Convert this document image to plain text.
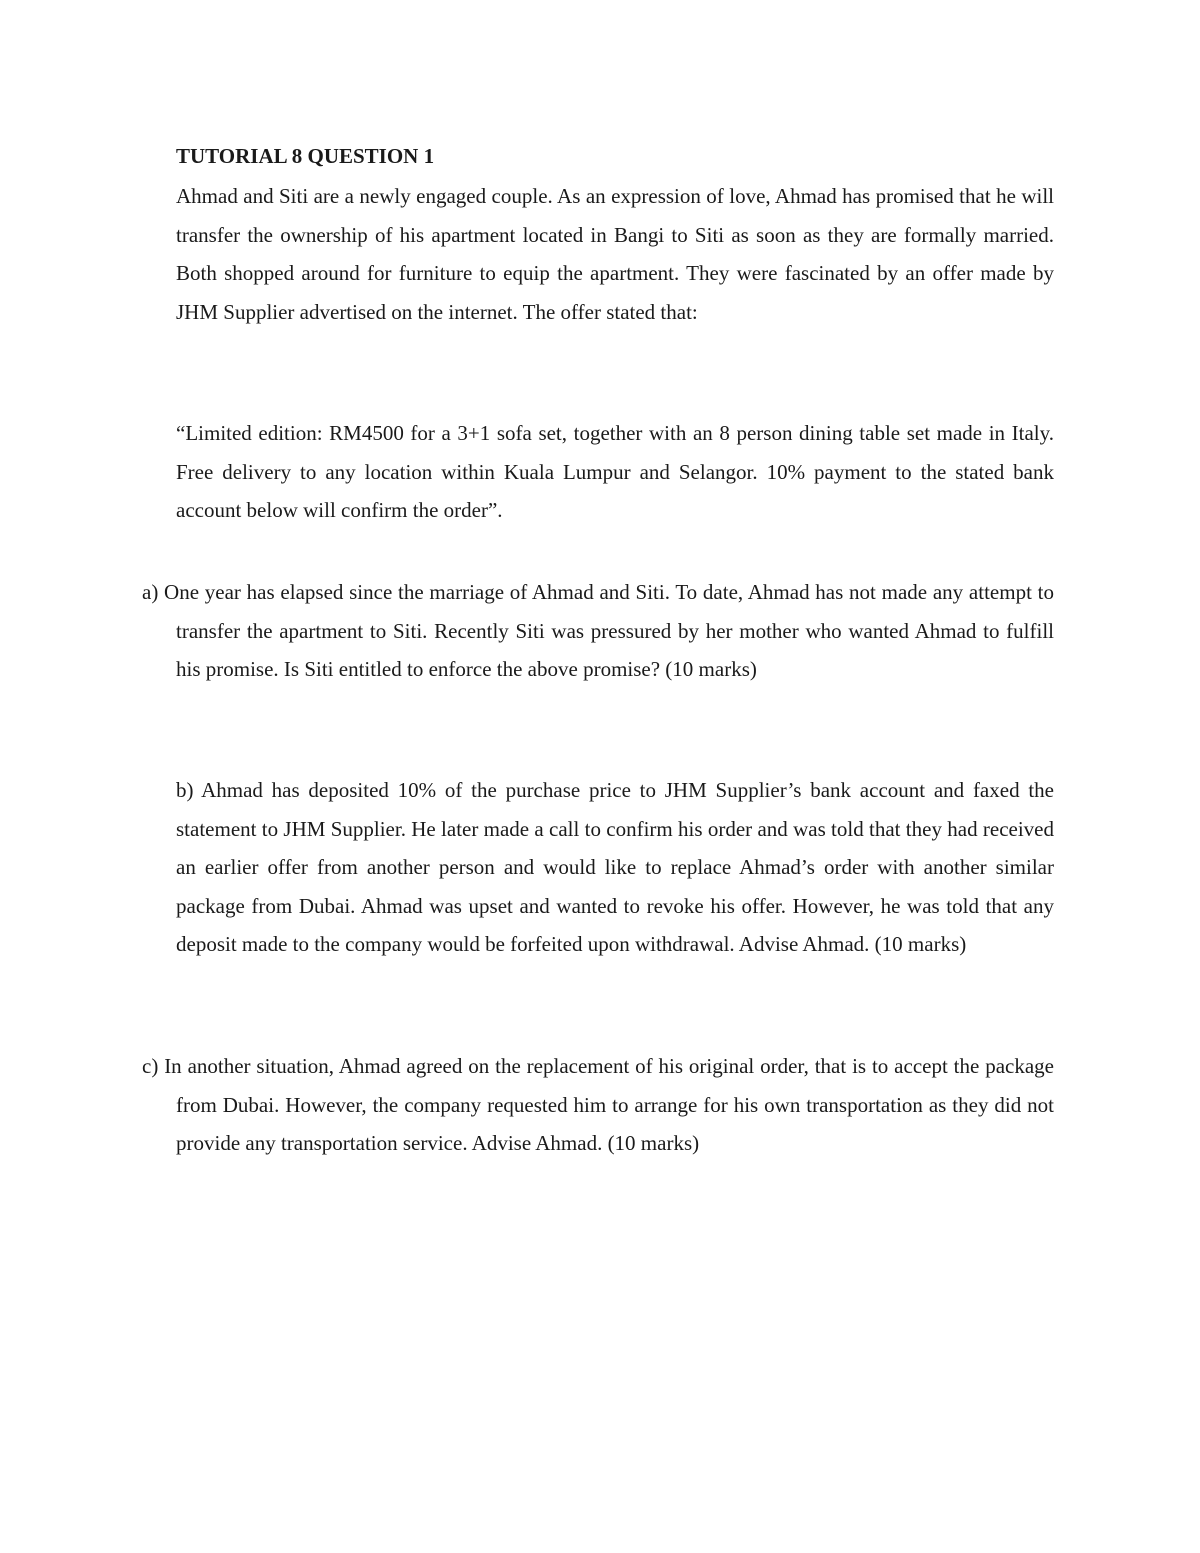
TUTORIAL 8 QUESTION 1

Ahmad and Siti are a newly engaged couple. As an expression of love, Ahmad has promised that he will transfer the ownership of his apartment located in Bangi to Siti as soon as they are formally married. Both shopped around for furniture to equip the apartment. They were fascinated by an offer made by JHM Supplier advertised on the internet. The offer stated that:

“Limited edition: RM4500 for a 3+1 sofa set, together with an 8 person dining table set made in Italy. Free delivery to any location within Kuala Lumpur and Selangor. 10% payment to the stated bank account below will confirm the order”.

a) One year has elapsed since the marriage of Ahmad and Siti. To date, Ahmad has not made any attempt to transfer the apartment to Siti. Recently Siti was pressured by her mother who wanted Ahmad to fulfill his promise. Is Siti entitled to enforce the above promise? (10 marks)

b) Ahmad has deposited 10% of the purchase price to JHM Supplier’s bank account and faxed the statement to JHM Supplier. He later made a call to confirm his order and was told that they had received an earlier offer from another person and would like to replace Ahmad’s order with another similar package from Dubai. Ahmad was upset and wanted to revoke his offer. However, he was told that any deposit made to the company would be forfeited upon withdrawal. Advise Ahmad. (10 marks)

c) In another situation, Ahmad agreed on the replacement of his original order, that is to accept the package from Dubai. However, the company requested him to arrange for his own transportation as they did not provide any transportation service. Advise Ahmad. (10 marks)
